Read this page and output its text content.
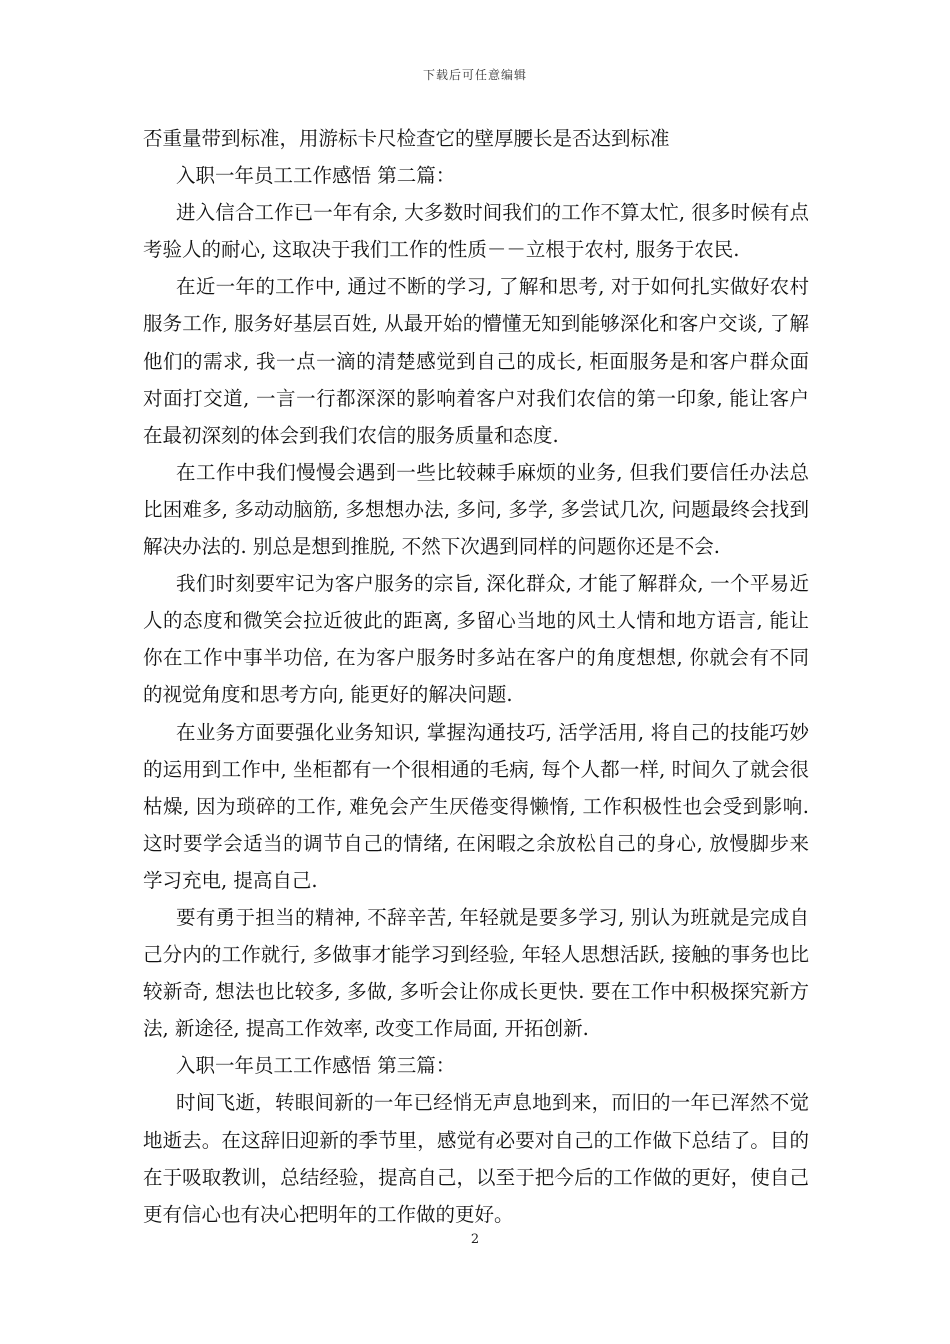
下载后可任意编辑

否重量带到标准，用游标卡尺检查它的壁厚腰长是否达到标准

入职一年员工工作感悟 第二篇：

进入信合工作已一年有余, 大多数时间我们的工作不算太忙, 很多时候有点考验人的耐心, 这取决于我们工作的性质－－立根于农村, 服务于农民.

在近一年的工作中, 通过不断的学习, 了解和思考, 对于如何扎实做好农村服务工作, 服务好基层百姓, 从最开始的懵懂无知到能够深化和客户交谈, 了解他们的需求, 我一点一滴的清楚感觉到自己的成长, 柜面服务是和客户群众面对面打交道, 一言一行都深深的影响着客户对我们农信的第一印象, 能让客户在最初深刻的体会到我们农信的服务质量和态度.

在工作中我们慢慢会遇到一些比较棘手麻烦的业务, 但我们要信任办法总比困难多, 多动动脑筋, 多想想办法, 多问, 多学, 多尝试几次, 问题最终会找到解决办法的. 别总是想到推脱, 不然下次遇到同样的问题你还是不会.

我们时刻要牢记为客户服务的宗旨, 深化群众, 才能了解群众, 一个平易近人的态度和微笑会拉近彼此的距离, 多留心当地的风土人情和地方语言, 能让你在工作中事半功倍, 在为客户服务时多站在客户的角度想想, 你就会有不同的视觉角度和思考方向, 能更好的解决问题.

在业务方面要强化业务知识, 掌握沟通技巧, 活学活用, 将自己的技能巧妙的运用到工作中, 坐柜都有一个很相通的毛病, 每个人都一样, 时间久了就会很枯燥, 因为琐碎的工作, 难免会产生厌倦变得懒惰, 工作积极性也会受到影响. 这时要学会适当的调节自己的情绪, 在闲暇之余放松自己的身心, 放慢脚步来学习充电, 提高自己.

要有勇于担当的精神, 不辞辛苦, 年轻就是要多学习, 别认为班就是完成自己分内的工作就行, 多做事才能学习到经验, 年轻人思想活跃, 接触的事务也比较新奇, 想法也比较多, 多做, 多听会让你成长更快. 要在工作中积极探究新方法, 新途径, 提高工作效率, 改变工作局面, 开拓创新.

入职一年员工工作感悟 第三篇：

时间飞逝，转眼间新的一年已经悄无声息地到来，而旧的一年已浑然不觉地逝去。在这辞旧迎新的季节里，感觉有必要对自己的工作做下总结了。目的在于吸取教训，总结经验，提高自己，以至于把今后的工作做的更好，使自己更有信心也有决心把明年的工作做的更好。

2
